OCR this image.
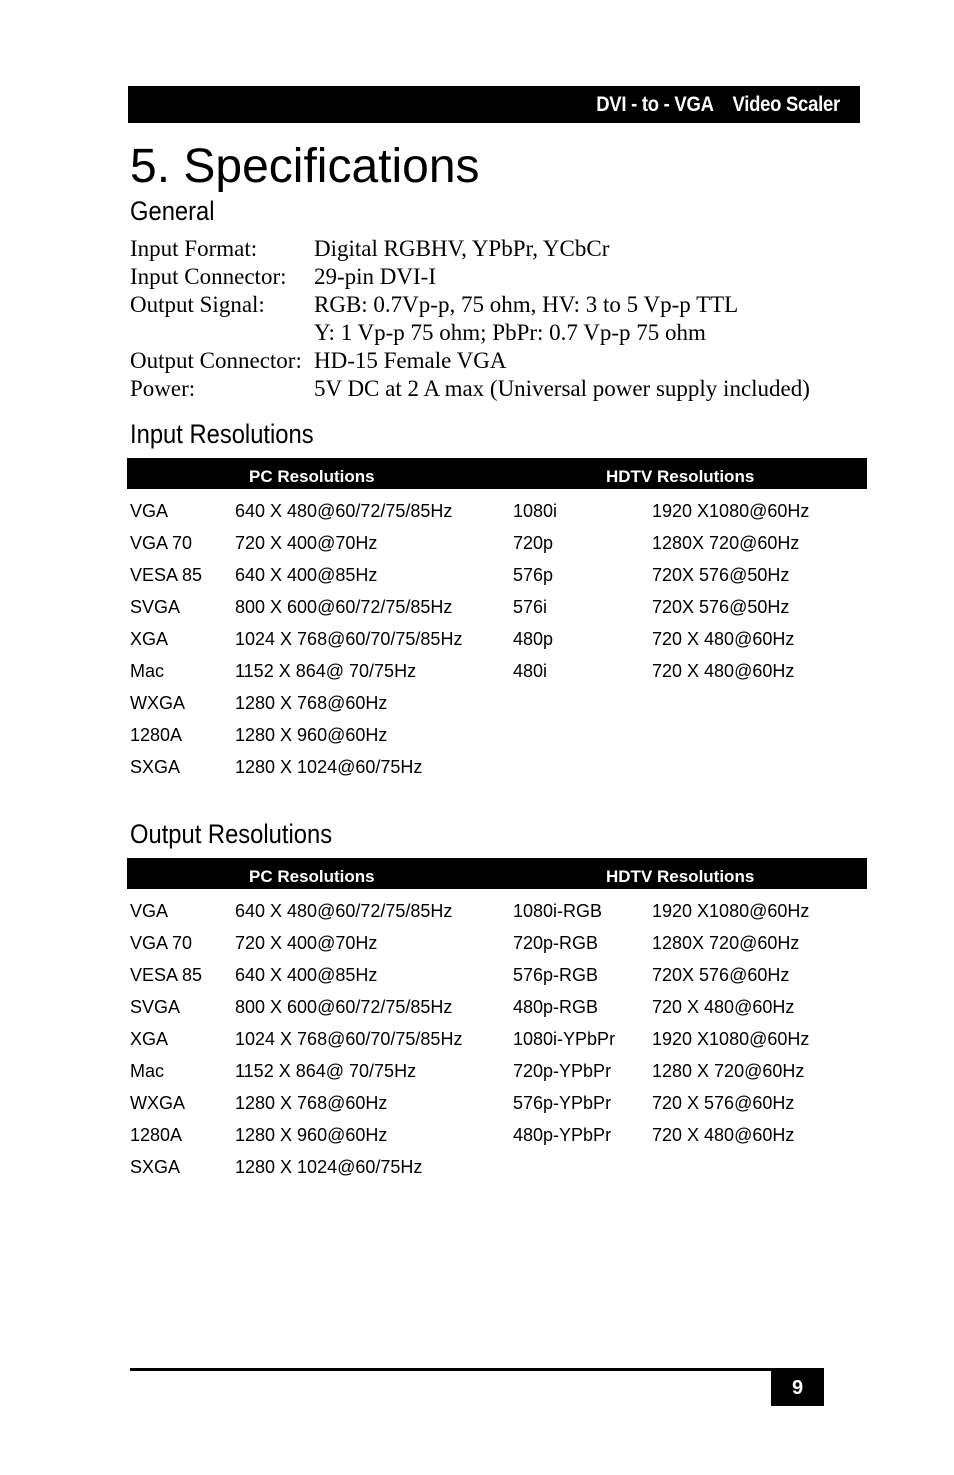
DVI - to - VGA    Video Scaler
5. Specifications
General
Input Format:	Digital RGBHV, YPbPr, YCbCr
Input Connector:	29-pin DVI-I
Output Signal:	RGB: 0.7Vp-p, 75 ohm, HV: 3 to 5 Vp-p TTL
Y: 1 Vp-p 75 ohm; PbPr: 0.7 Vp-p 75 ohm
Output Connector: HD-15 Female VGA
Power:	5V DC at 2 A max (Universal power supply included)
Input Resolutions
PC Resolutions	HDTV Resolutions
VGA	640 X 480@60/72/75/85Hz	1080i	1920 X1080@60Hz
VGA 70 720 X 400@70Hz	720p	1280X 720@60Hz
VESA 85 640 X 400@85Hz	576p	720X 576@50Hz
SVGA	800 X 600@60/72/75/85Hz	576i	720X 576@50Hz
XGA	1024 X 768@60/70/75/85Hz	480p	720 X 480@60Hz
Mac	1152 X 864@ 70/75Hz	480i	720 X 480@60Hz
WXGA	1280 X 768@60Hz
1280A	1280 X 960@60Hz
SXGA	1280 X 1024@60/75Hz
Output Resolutions
PC Resolutions	HDTV Resolutions
VGA	640 X 480@60/72/75/85Hz	1080i-RGB	1920 X1080@60Hz
VGA 70 720 X 400@70Hz	720p-RGB	1280X 720@60Hz
VESA 85 640 X 400@85Hz	576p-RGB	720X 576@60Hz
SVGA	800 X 600@60/72/75/85Hz	480p-RGB	720 X 480@60Hz
XGA	1024 X 768@60/70/75/85Hz	1080i-YPbPr 1920 X1080@60Hz
Mac	1152 X 864@ 70/75Hz	720p-YPbPr 1280 X 720@60Hz
WXGA	1280 X 768@60Hz	576p-YPbPr 720 X 576@60Hz
1280A	1280 X 960@60Hz	480p-YPbPr 720 X 480@60Hz
SXGA	1280 X 1024@60/75Hz
9
